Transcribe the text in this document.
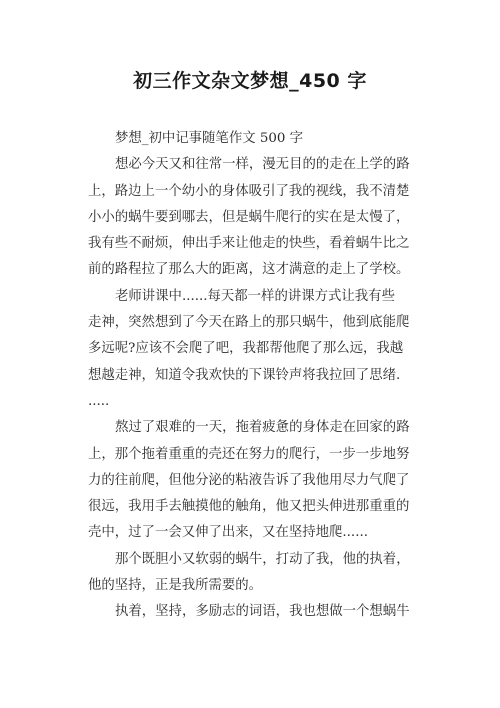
初三作文杂文梦想_450 字
梦想_初中记事随笔作文 500 字
想必今天又和往常一样，漫无目的的走在上学的路
上，路边上一个幼小的身体吸引了我的视线，我不清楚
小小的蜗牛要到哪去，但是蜗牛爬行的实在是太慢了，
我有些不耐烦，伸出手来让他走的快些，看着蜗牛比之
前的路程拉了那么大的距离，这才满意的走上了学校。
老师讲课中......每天都一样的讲课方式让我有些
走神，突然想到了今天在路上的那只蜗牛，他到底能爬
多远呢?应该不会爬了吧，我都帮他爬了那么远，我越
想越走神，知道令我欢快的下课铃声将我拉回了思绪.
.....
熬过了艰难的一天，拖着疲惫的身体走在回家的路
上，那个拖着重重的壳还在努力的爬行，一步一步地努
力的往前爬，但他分泌的粘液告诉了我他用尽力气爬了
很远，我用手去触摸他的触角，他又把头伸进那重重的
壳中，过了一会又伸了出来，又在坚持地爬......
那个既胆小又软弱的蜗牛，打动了我，他的执着，
他的坚持，正是我所需要的。
执着，坚持，多励志的词语，我也想做一个想蜗牛
